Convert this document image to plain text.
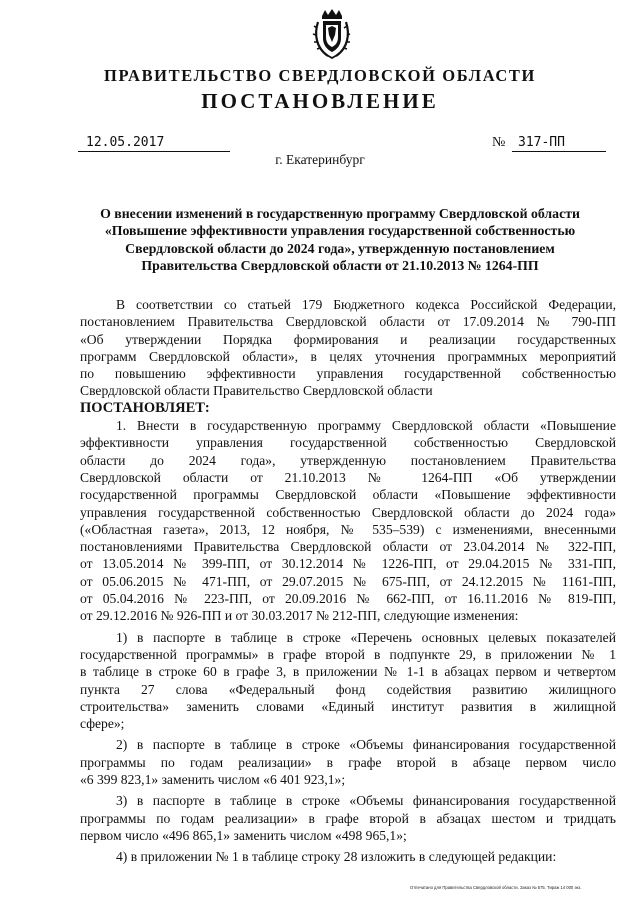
ПРАВИТЕЛЬСТВО СВЕРДЛОВСКОЙ ОБЛАСТИ
ПОСТАНОВЛЕНИЕ
12.05.2017	№ 317-ПП
г. Екатеринбург
О внесении изменений в государственную программу Свердловской области
«Повышение эффективности управления государственной собственностью
Свердловской области до 2024 года», утвержденную постановлением
Правительства Свердловской области от 21.10.2013 № 1264-ПП
В соответствии со статьей 179 Бюджетного кодекса Российской Федерации,
постановлением Правительства Свердловской области от 17.09.2014 № 790-ПП
«Об утверждении Порядка формирования и реализации государственных
программ Свердловской области», в целях уточнения программных мероприятий
по повышению эффективности управления государственной собственностью
Свердловской области Правительство Свердловской области
ПОСТАНОВЛЯЕТ:
1. Внести в государственную программу Свердловской области «Повышение
эффективности управления государственной собственностью Свердловской
области до 2024 года», утвержденную постановлением Правительства
Свердловской области от 21.10.2013 № 1264-ПП «Об утверждении
государственной программы Свердловской области «Повышение эффективности
управления государственной собственностью Свердловской области до 2024 года»
(«Областная газета», 2013, 12 ноября, № 535–539) с изменениями, внесенными
постановлениями Правительства Свердловской области от 23.04.2014 № 322-ПП,
от 13.05.2014 № 399-ПП, от 30.12.2014 № 1226-ПП, от 29.04.2015 № 331-ПП,
от 05.06.2015 № 471-ПП, от 29.07.2015 № 675-ПП, от 24.12.2015 № 1161-ПП,
от 05.04.2016 № 223-ПП, от 20.09.2016 № 662-ПП, от 16.11.2016 № 819-ПП,
от 29.12.2016 № 926-ПП и от 30.03.2017 № 212-ПП, следующие изменения:
1) в паспорте в таблице в строке «Перечень основных целевых показателей
государственной программы» в графе второй в подпункте 29, в приложении № 1
в таблице в строке 60 в графе 3, в приложении № 1-1 в абзацах первом и четвертом
пункта 27 слова «Федеральный фонд содействия развитию жилищного
строительства» заменить словами «Единый институт развития в жилищной
сфере»;
2) в паспорте в таблице в строке «Объемы финансирования государственной
программы по годам реализации» в графе второй в абзаце первом число
«6 399 823,1» заменить числом «6 401 923,1»;
3) в паспорте в таблице в строке «Объемы финансирования государственной
программы по годам реализации» в графе второй в абзацах шестом и тридцать
первом число «496 865,1» заменить числом «498 965,1»;
4) в приложении № 1 в таблице строку 28 изложить в следующей редакции:
Отпечатано для Правительства Свердловской области. Заказ № 575. Тираж 14 000 экз.
